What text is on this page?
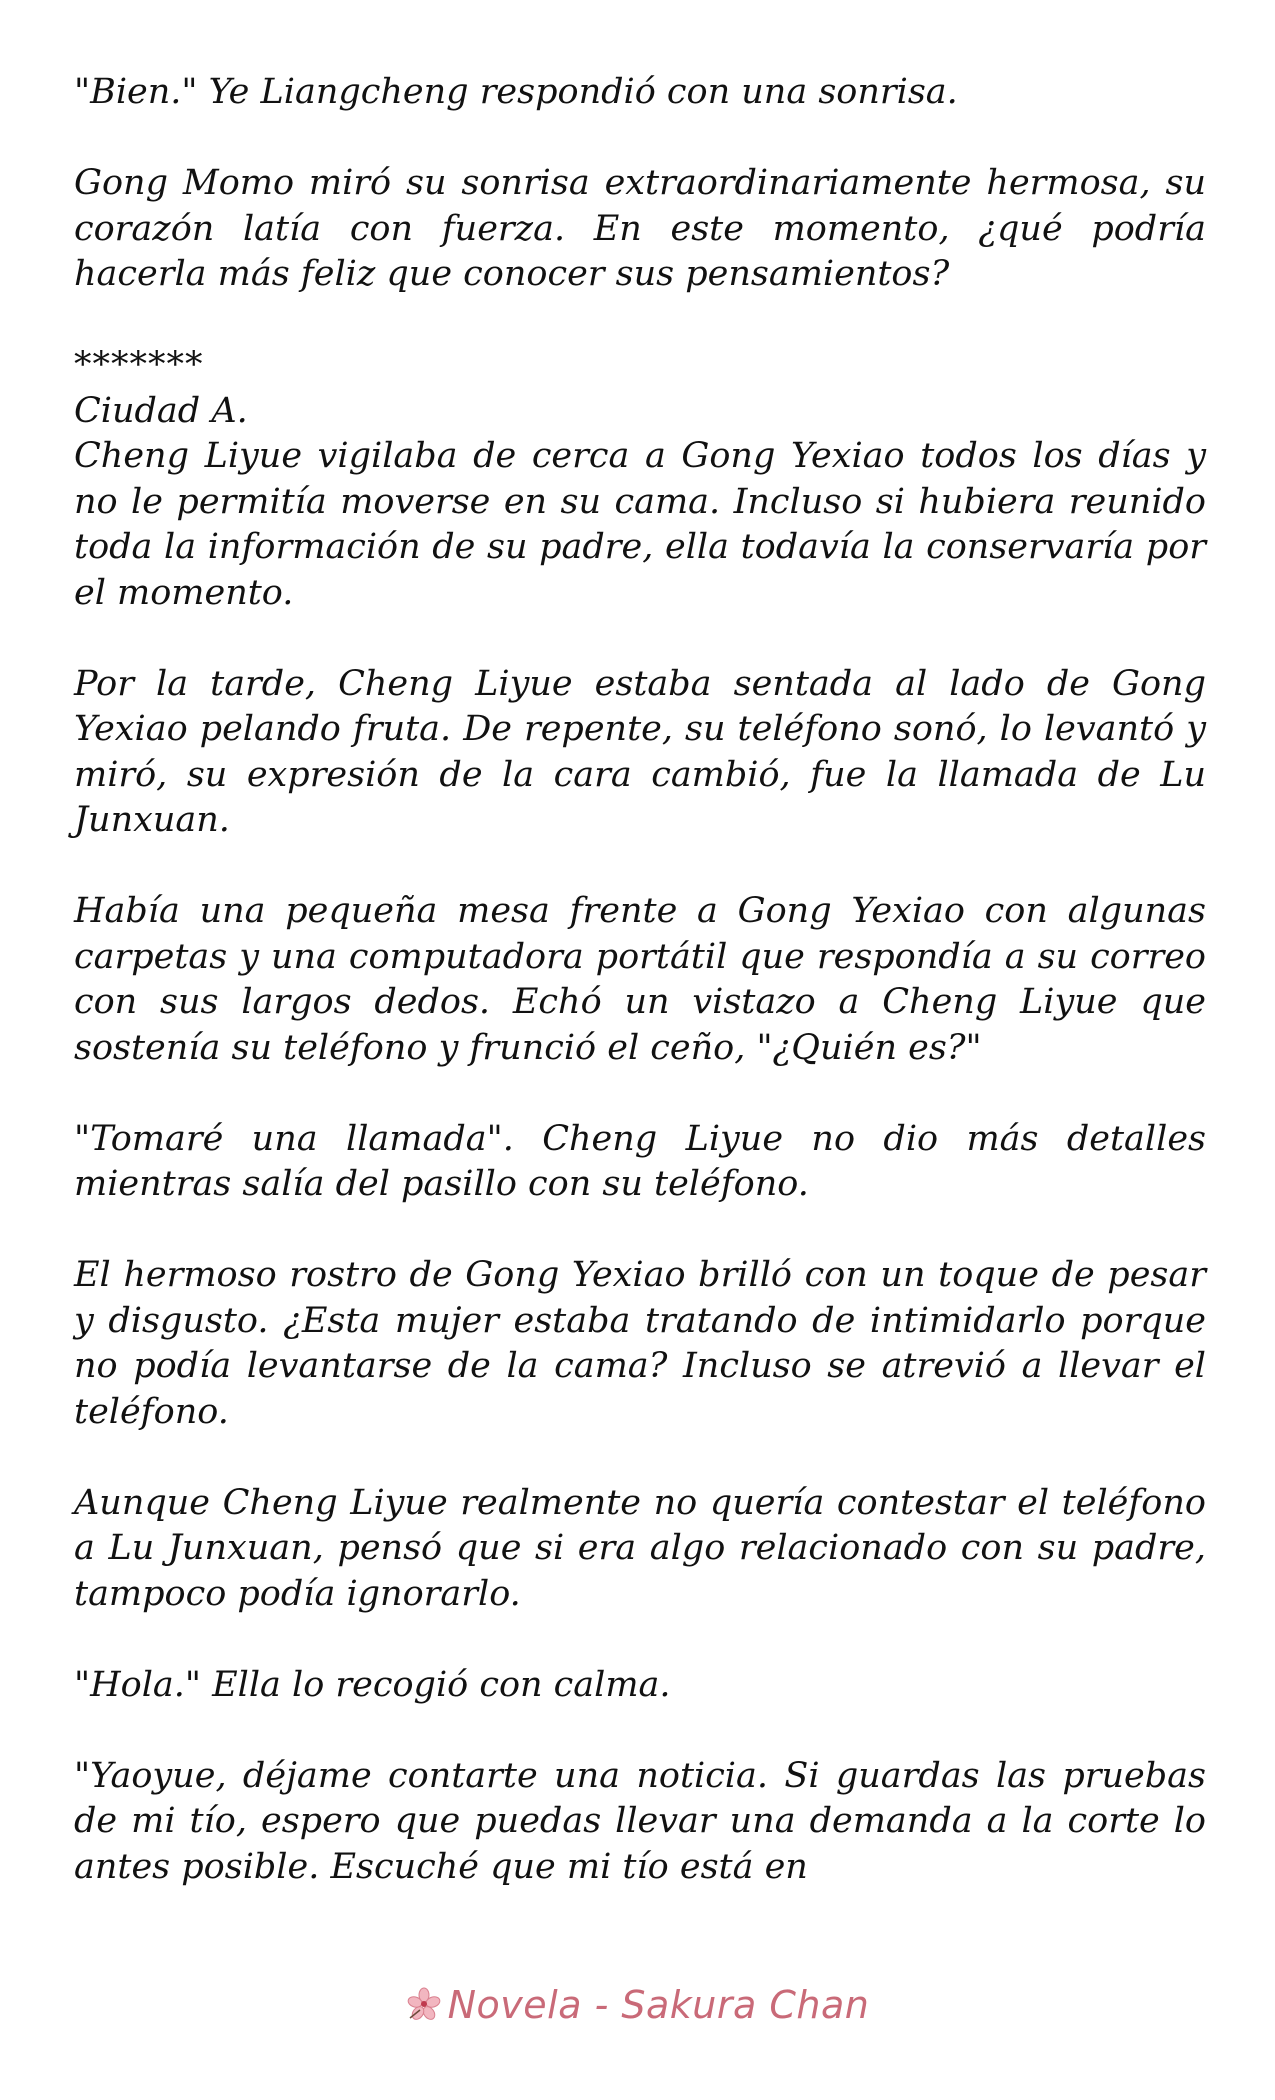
"Bien." Ye Liangcheng respondió con una sonrisa.

Gong Momo miró su sonrisa extraordinariamente hermosa, su corazón latía con fuerza. En este momento, ¿qué podría hacerla más feliz que conocer sus pensamientos?

*******

Ciudad A.

Cheng Liyue vigilaba de cerca a Gong Yexiao todos los días y no le permitía moverse en su cama. Incluso si hubiera reunido toda la información de su padre, ella todavía la conservaría por el momento.

Por la tarde, Cheng Liyue estaba sentada al lado de Gong Yexiao pelando fruta. De repente, su teléfono sonó, lo levantó y miró, su expresión de la cara cambió, fue la llamada de Lu Junxuan.

Había una pequeña mesa frente a Gong Yexiao con algunas carpetas y una computadora portátil que respondía a su correo con sus largos dedos. Echó un vistazo a Cheng Liyue que sostenía su teléfono y frunció el ceño, "¿Quién es?"

"Tomaré una llamada". Cheng Liyue no dio más detalles mientras salía del pasillo con su teléfono.

El hermoso rostro de Gong Yexiao brilló con un toque de pesar y disgusto. ¿Esta mujer estaba tratando de intimidarlo porque no podía levantarse de la cama? Incluso se atrevió a llevar el teléfono.

Aunque Cheng Liyue realmente no quería contestar el teléfono a Lu Junxuan, pensó que si era algo relacionado con su padre, tampoco podía ignorarlo.

"Hola." Ella lo recogió con calma.

"Yaoyue, déjame contarte una noticia. Si guardas las pruebas de mi tío, espero que puedas llevar una demanda a la corte lo antes posible. Escuché que mi tío está en

Novela - Sakura Chan
